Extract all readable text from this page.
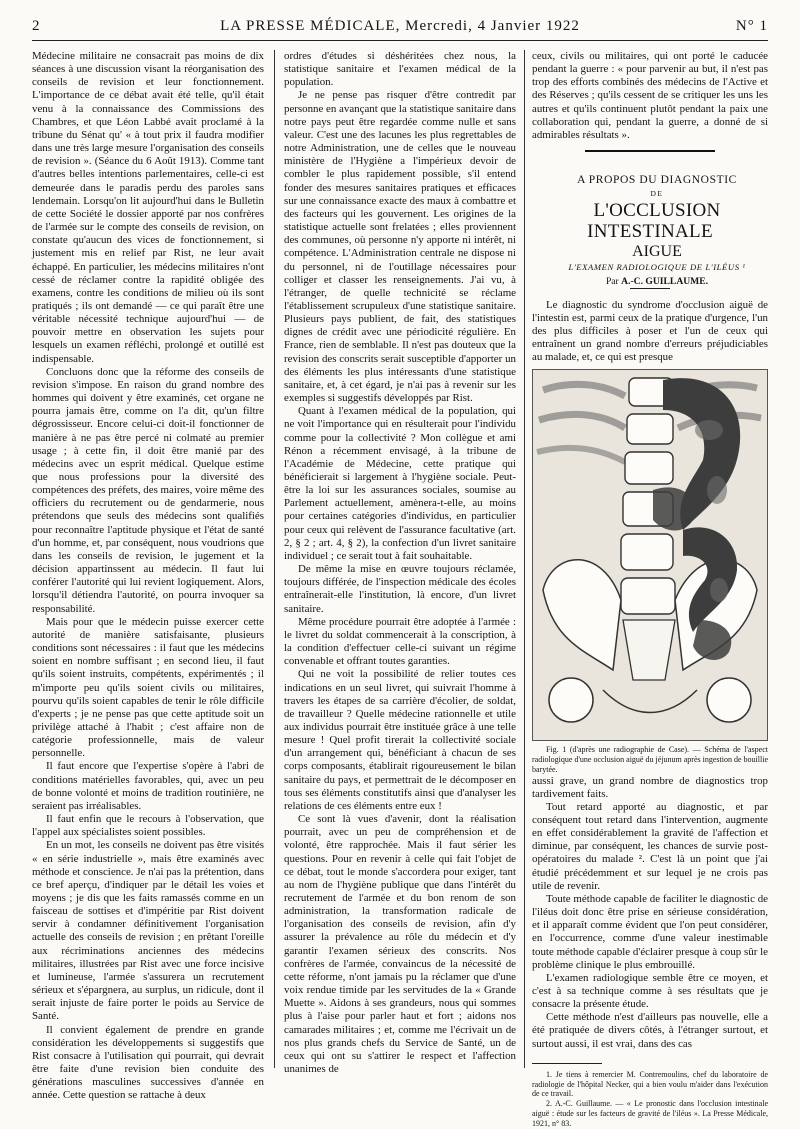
2	LA PRESSE MÉDICALE, Mercredi, 4 Janvier 1922	N° 1

Médecine militaire ne consacrait pas moins de dix séances à une discussion visant la réorganisation des conseils de revision et leur fonctionnement. L'importance de ce débat avait été telle, qu'il était venu à la connaissance des Commissions des Chambres, et que Léon Labbé avait proclamé à la tribune du Sénat qu' « à tout prix il faudra modifier dans une très large mesure l'organisation des conseils de revision ». (Séance du 6 Août 1913). Comme tant d'autres belles intentions parlementaires, celle-ci est demeurée dans le paradis perdu des paroles sans lendemain. Lorsqu'on lit aujourd'hui dans le Bulletin de cette Société le dossier apporté par nos confrères de l'armée sur le compte des conseils de revision, on constate qu'aucun des vices de fonctionnement, si justement mis en relief par Rist, ne leur avait échappé. En particulier, les médecins militaires n'ont cessé de réclamer contre la rapidité obligée des examens, contre les conditions de milieu où ils sont pratiqués ; ils ont demandé — ce qui paraît être une véritable nécessité technique aujourd'hui — de pouvoir mettre en observation les sujets pour lesquels un examen réfléchi, prolongé et outillé est indispensable.

Concluons donc que la réforme des conseils de revision s'impose. En raison du grand nombre des hommes qui doivent y être examinés, cet organe ne pourra jamais être, comme on l'a dit, qu'un filtre dégrossisseur. Encore celui-ci doit-il fonctionner de manière à ne pas être percé ni colmaté au premier usage ; à cette fin, il doit être manié par des médecins avec un esprit médical. Quelque estime que nous professions pour la diversité des compétences des préfets, des maires, voire même des officiers du recrutement ou de gendarmerie, nous prétendons que seuls des médecins sont qualifiés pour reconnaître l'aptitude physique et l'état de santé d'un homme, et, par conséquent, nous voudrions que dans les conseils de revision, le jugement et la décision appartinssent au médecin. Il faut lui conférer l'autorité qui lui revient logiquement. Alors, lorsqu'il détiendra l'autorité, on pourra invoquer sa responsabilité.

Mais pour que le médecin puisse exercer cette autorité de manière satisfaisante, plusieurs conditions sont nécessaires : il faut que les médecins soient en nombre suffisant ; en second lieu, il faut qu'ils soient instruits, compétents, expérimentés ; il m'importe peu qu'ils soient civils ou militaires, pourvu qu'ils soient capables de tenir le rôle difficile d'experts ; je ne pense pas que cette aptitude soit un privilège attaché à l'habit ; c'est affaire non de catégorie professionnelle, mais de valeur personnelle.

Il faut encore que l'expertise s'opère à l'abri de conditions matérielles favorables, qui, avec un peu de bonne volonté et moins de tradition routinière, ne seraient pas irréalisables.

Il faut enfin que le recours à l'observation, que l'appel aux spécialistes soient possibles.

En un mot, les conseils ne doivent pas être visités « en série industrielle », mais être examinés avec méthode et conscience. Je n'ai pas la prétention, dans ce bref aperçu, d'indiquer par le détail les voies et moyens ; je dis que les faits ramassés comme en un faisceau de sottises et d'impéritie par Rist doivent servir à condamner définitivement l'organisation actuelle des conseils de revision ; en prêtant l'oreille aux récriminations anciennes des médecins militaires, illustrées par Rist avec une force incisive et lumineuse, l'armée s'assurera un recrutement sérieux et s'épargnera, au surplus, un ridicule, dont il serait injuste de faire porter le poids au Service de Santé.

Il convient également de prendre en grande considération les développements si suggestifs que Rist consacre à l'utilisation qui pourrait, qui devrait être faite d'une revision bien conduite des générations masculines successives d'année en année. Cette question se rattache à deux

ordres d'études si déshéritées chez nous, la statistique sanitaire et l'examen médical de la population.

Je ne pense pas risquer d'être contredit par personne en avançant que la statistique sanitaire dans notre pays peut être regardée comme nulle et sans valeur. C'est une des lacunes les plus regrettables de notre Administration, une de celles que le nouveau ministère de l'Hygiène a l'impérieux devoir de combler le plus rapidement possible, s'il entend fonder des mesures sanitaires pratiques et efficaces sur une connaissance exacte des maux à combattre et des facteurs qui les gouvernent. Les origines de la statistique actuelle sont frelatées ; elles proviennent des communes, où personne n'y apporte ni intérêt, ni compétence. L'Administration centrale ne dispose ni du personnel, ni de l'outillage nécessaires pour colliger et classer les renseignements. J'ai vu, à l'étranger, de quelle technicité se réclame l'établissement scrupuleux d'une statistique sanitaire. Plusieurs pays publient, de fait, des statistiques dignes de crédit avec une périodicité régulière. En France, rien de semblable. Il n'est pas douteux que la revision des conscrits serait susceptible d'apporter un des éléments les plus intéressants d'une statistique sanitaire, et, à cet égard, je n'ai pas à revenir sur les exemples si suggestifs développés par Rist.

Quant à l'examen médical de la population, qui ne voit l'importance qui en résulterait pour l'individu comme pour la collectivité ? Mon collègue et ami Rénon a récemment envisagé, à la tribune de l'Académie de Médecine, cette pratique qui bénéficierait si largement à l'hygiène sociale. Peut-être la loi sur les assurances sociales, soumise au Parlement actuellement, amènera-t-elle, au moins pour certaines catégories d'individus, en particulier pour ceux qui relèvent de l'assurance facultative (art. 2, § 2 ; art. 4, § 2), la confection d'un livret sanitaire individuel ; ce serait tout à fait souhaitable.

De même la mise en œuvre toujours réclamée, toujours différée, de l'inspection médicale des écoles entraînerait-elle l'institution, là encore, d'un livret sanitaire.

Même procédure pourrait être adoptée à l'armée : le livret du soldat commencerait à la conscription, à la condition d'effectuer celle-ci suivant un régime convenable et offrant toutes garanties.

Qui ne voit la possibilité de relier toutes ces indications en un seul livret, qui suivrait l'homme à travers les étapes de sa carrière d'écolier, de soldat, de travailleur ? Quelle médecine rationnelle et utile aux individus pourrait être instituée grâce à une telle mesure ! Quel profit tirerait la collectivité sociale d'un arrangement qui, bénéficiant à chacun de ses corps composants, établirait rigoureusement le bilan sanitaire du pays, et permettrait de le décomposer en tous ses éléments constitutifs ainsi que d'analyser les relations de ces éléments entre eux !

Ce sont là vues d'avenir, dont la réalisation pourrait, avec un peu de compréhension et de volonté, être rapprochée. Mais il faut sérier les questions. Pour en revenir à celle qui fait l'objet de ce débat, tout le monde s'accordera pour exiger, tant au nom de l'hygiène publique que dans l'intérêt du recrutement de l'armée et du bon renom de son administration, la transformation radicale de l'organisation des conseils de revision, afin d'y assurer la prévalence au rôle du médecin et d'y garantir l'examen sérieux des conscrits. Nos confrères de l'armée, convaincus de la nécessité de cette réforme, n'ont jamais pu la réclamer que d'une voix rendue timide par les servitudes de la « Grande Muette ». Aidons à ses grandeurs, nous qui sommes plus à l'aise pour parler haut et fort ; aidons nos camarades militaires ; et, comme me l'écrivait un de nos plus grands chefs du Service de Santé, un de ceux qui ont su s'attirer le respect et l'affection unanimes de

ceux, civils ou militaires, qui ont porté le caducée pendant la guerre : « pour parvenir au but, il n'est pas trop des efforts combinés des médecins de l'Active et des Réserves ; qu'ils cessent de se critiquer les uns les autres et qu'ils continuent plutôt pendant la paix une collaboration qui, pendant la guerre, a donné de si admirables résultats ».

A PROPOS DU DIAGNOSTIC

DE

L'OCCLUSION INTESTINALE

AIGUE

L'EXAMEN RADIOLOGIQUE DE L'ILÉUS ¹

Par A.-C. GUILLAUME.

Le diagnostic du syndrome d'occlusion aiguë de l'intestin est, parmi ceux de la pratique d'urgence, l'un des plus difficiles à poser et l'un de ceux qui entraînent un grand nombre d'erreurs préjudiciables au malade, et, ce qui est presque

Fig. 1 (d'après une radiographie de Case). — Schéma de l'aspect radiologique d'une occlusion aiguë du jéjunum après ingestion de bouillie barytée.

aussi grave, un grand nombre de diagnostics trop tardivement faits.

Tout retard apporté au diagnostic, et par conséquent tout retard dans l'intervention, augmente en effet considérablement la gravité de l'affection et diminue, par conséquent, les chances de survie post-opératoires du malade ². C'est là un point que j'ai étudié précédemment et sur lequel je ne crois pas utile de revenir.

Toute méthode capable de faciliter le diagnostic de l'iléus doit donc être prise en sérieuse considération, et il apparaît comme évident que l'on peut considérer, en l'occurrence, comme d'une valeur inestimable toute méthode capable d'éclairer presque à coup sûr le problème clinique le plus embrouillé.

L'examen radiologique semble être ce moyen, et c'est à sa technique comme à ses résultats que je consacre la présente étude.

Cette méthode n'est d'ailleurs pas nouvelle, elle a été pratiquée de divers côtés, à l'étranger surtout, et surtout aussi, il est vrai, dans des cas

1. Je tiens à remercier M. Contremoulins, chef du laboratoire de radiologie de l'hôpital Necker, qui a bien voulu m'aider dans l'exécution de ce travail.

2. A.-C. Guillaume. — « Le pronostic dans l'occlusion intestinale aiguë : étude sur les facteurs de gravité de l'iléus ». La Presse Médicale, 1921, n° 83.
